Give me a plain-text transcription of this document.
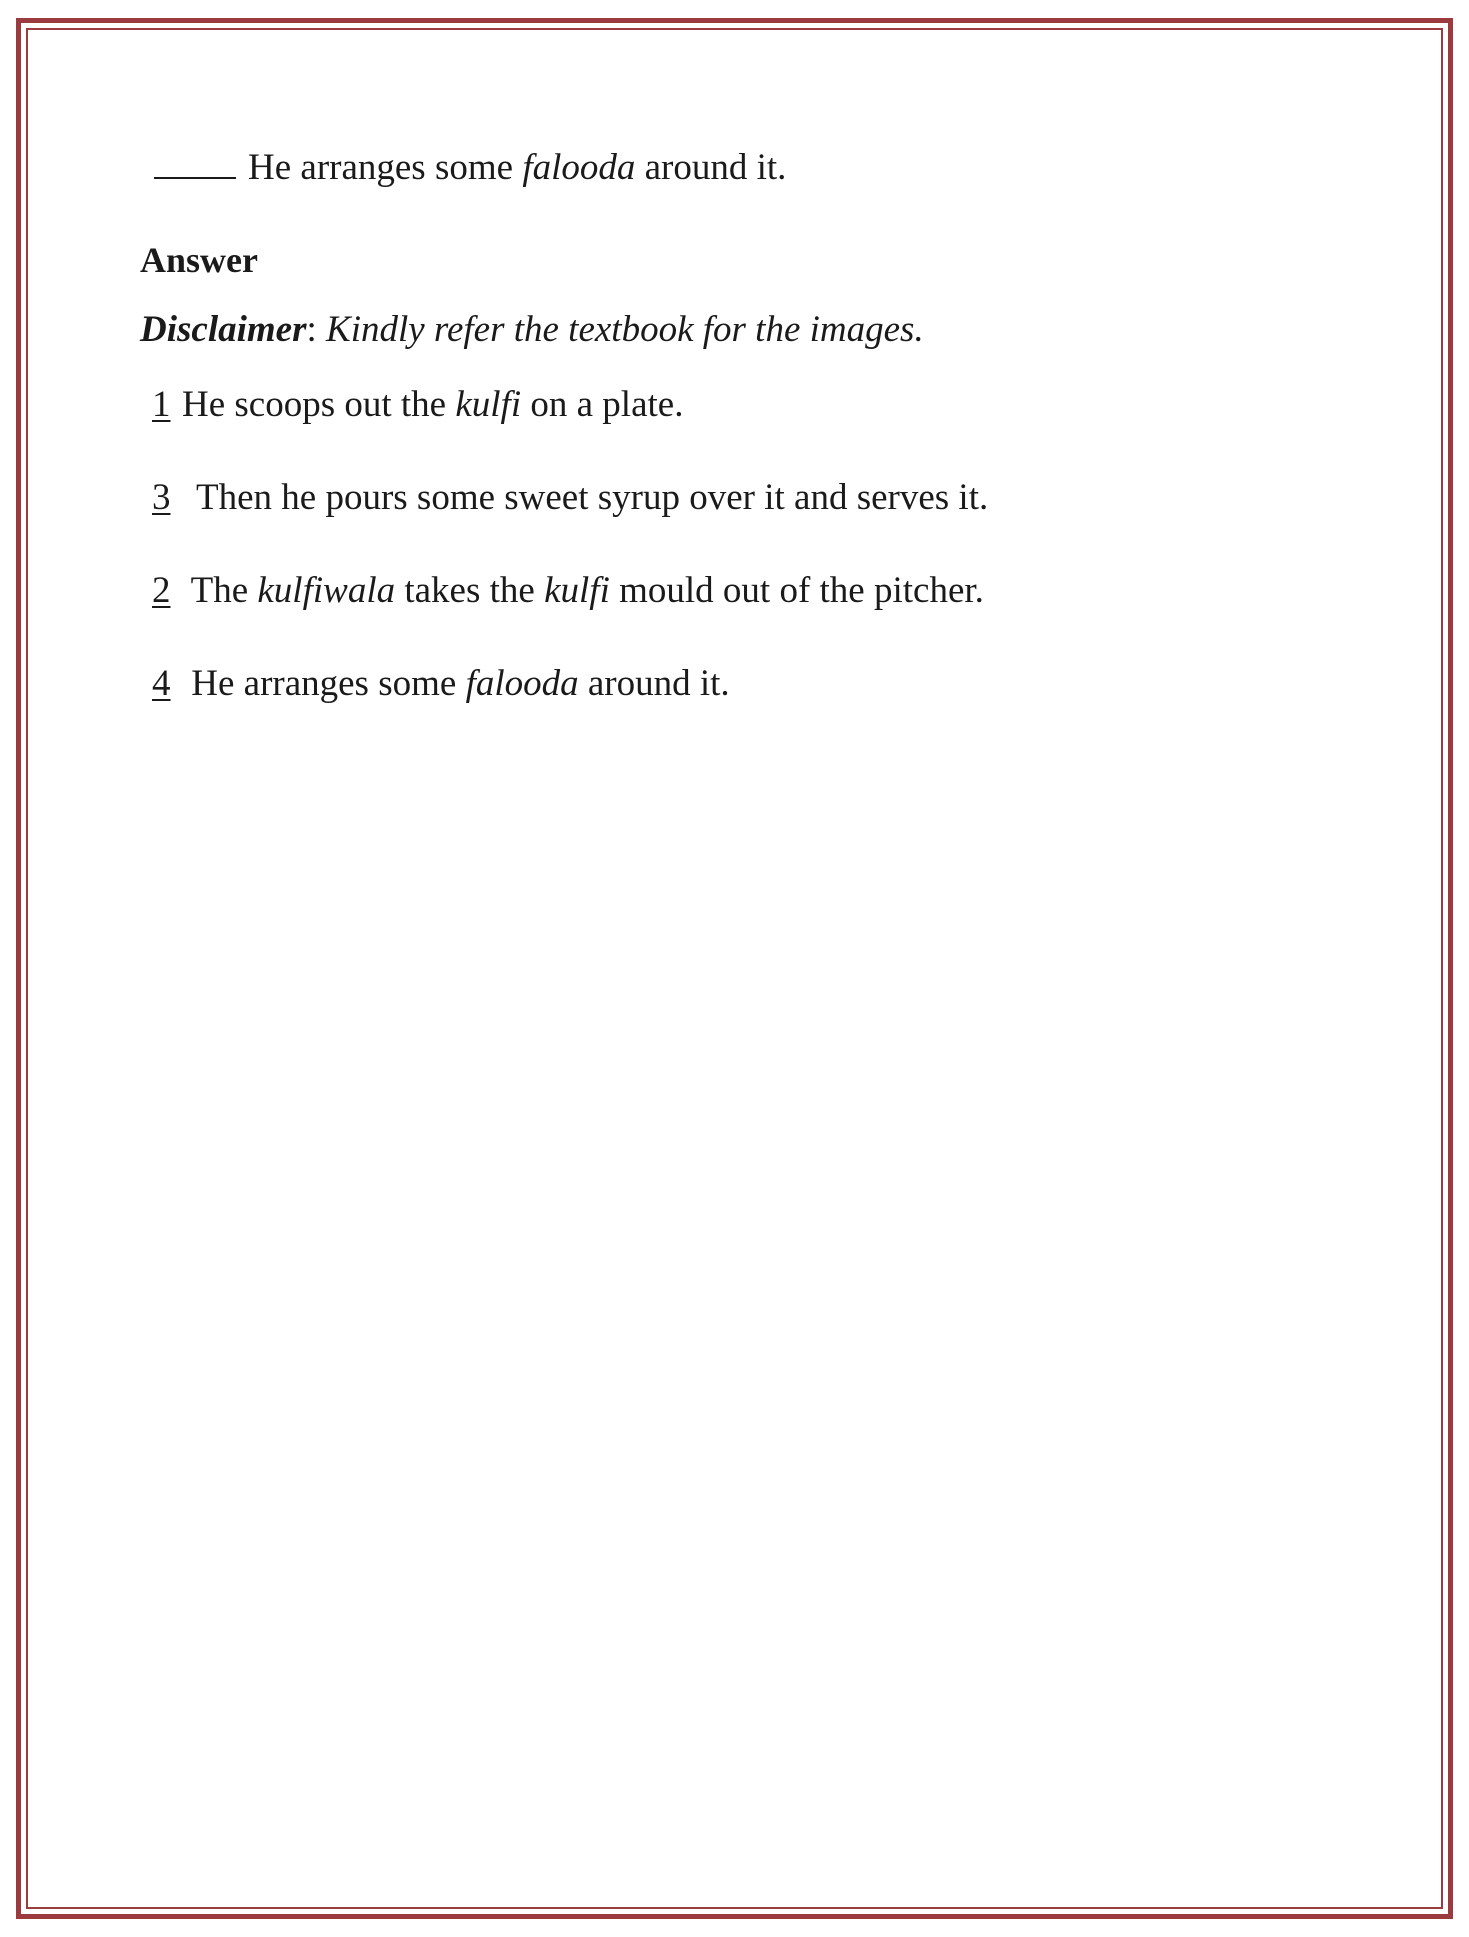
He arranges some falooda around it.
Answer
Disclaimer: Kindly refer the textbook for the images.
1 He scoops out the kulfi on a plate.
3 Then he pours some sweet syrup over it and serves it.
2 The kulfiwala takes the kulfi mould out of the pitcher.
4 He arranges some falooda around it.
